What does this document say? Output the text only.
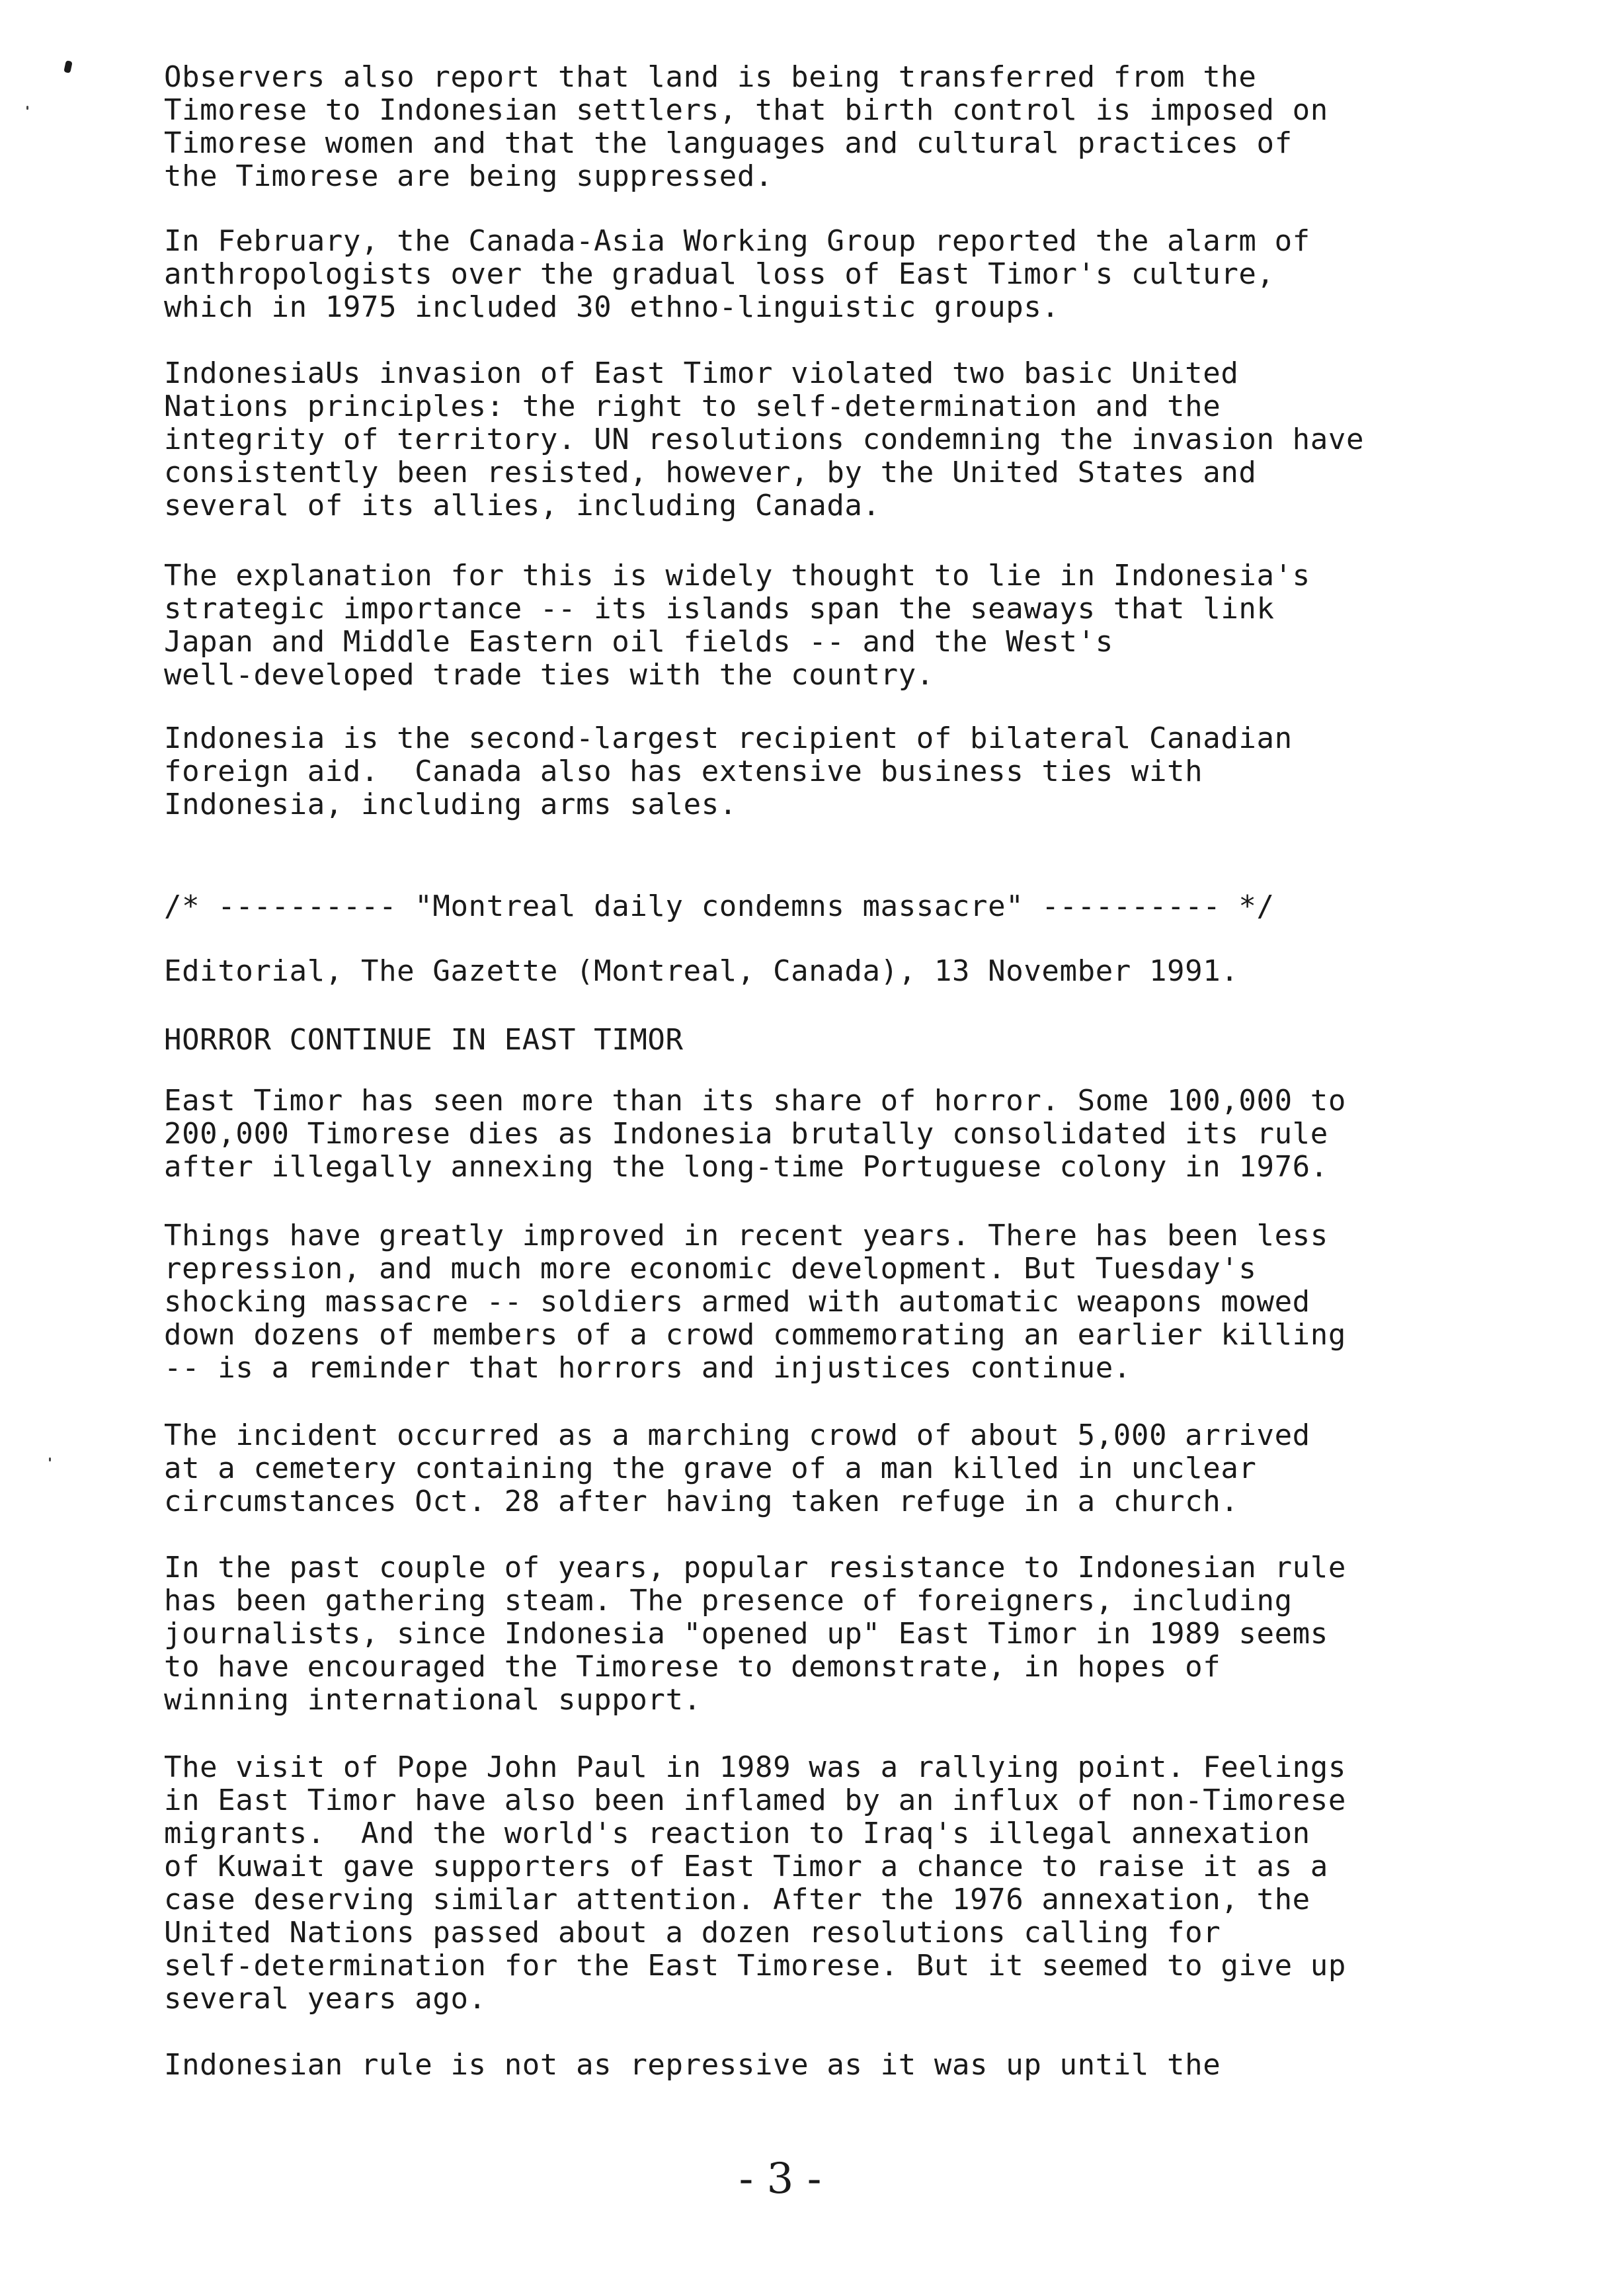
Observers also report that land is being transferred from the
Timorese to Indonesian settlers, that birth control is imposed on
Timorese women and that the languages and cultural practices of
the Timorese are being suppressed.
In February, the Canada-Asia Working Group reported the alarm of
anthropologists over the gradual loss of East Timor's culture,
which in 1975 included 30 ethno-linguistic groups.
IndonesiaUs invasion of East Timor violated two basic United
Nations principles: the right to self-determination and the
integrity of territory. UN resolutions condemning the invasion have
consistently been resisted, however, by the United States and
several of its allies, including Canada.
The explanation for this is widely thought to lie in Indonesia's
strategic importance -- its islands span the seaways that link
Japan and Middle Eastern oil fields -- and the West's
well-developed trade ties with the country.
Indonesia is the second-largest recipient of bilateral Canadian
foreign aid.  Canada also has extensive business ties with
Indonesia, including arms sales.
/* ---------- "Montreal daily condemns massacre" ---------- */
Editorial, The Gazette (Montreal, Canada), 13 November 1991.
HORROR CONTINUE IN EAST TIMOR
East Timor has seen more than its share of horror. Some 100,000 to
200,000 Timorese dies as Indonesia brutally consolidated its rule
after illegally annexing the long-time Portuguese colony in 1976.
Things have greatly improved in recent years. There has been less
repression, and much more economic development. But Tuesday's
shocking massacre -- soldiers armed with automatic weapons mowed
down dozens of members of a crowd commemorating an earlier killing
-- is a reminder that horrors and injustices continue.
The incident occurred as a marching crowd of about 5,000 arrived
at a cemetery containing the grave of a man killed in unclear
circumstances Oct. 28 after having taken refuge in a church.
In the past couple of years, popular resistance to Indonesian rule
has been gathering steam. The presence of foreigners, including
journalists, since Indonesia "opened up" East Timor in 1989 seems
to have encouraged the Timorese to demonstrate, in hopes of
winning international support.
The visit of Pope John Paul in 1989 was a rallying point. Feelings
in East Timor have also been inflamed by an influx of non-Timorese
migrants.  And the world's reaction to Iraq's illegal annexation
of Kuwait gave supporters of East Timor a chance to raise it as a
case deserving similar attention. After the 1976 annexation, the
United Nations passed about a dozen resolutions calling for
self-determination for the East Timorese. But it seemed to give up
several years ago.
Indonesian rule is not as repressive as it was up until the
- 3 -
